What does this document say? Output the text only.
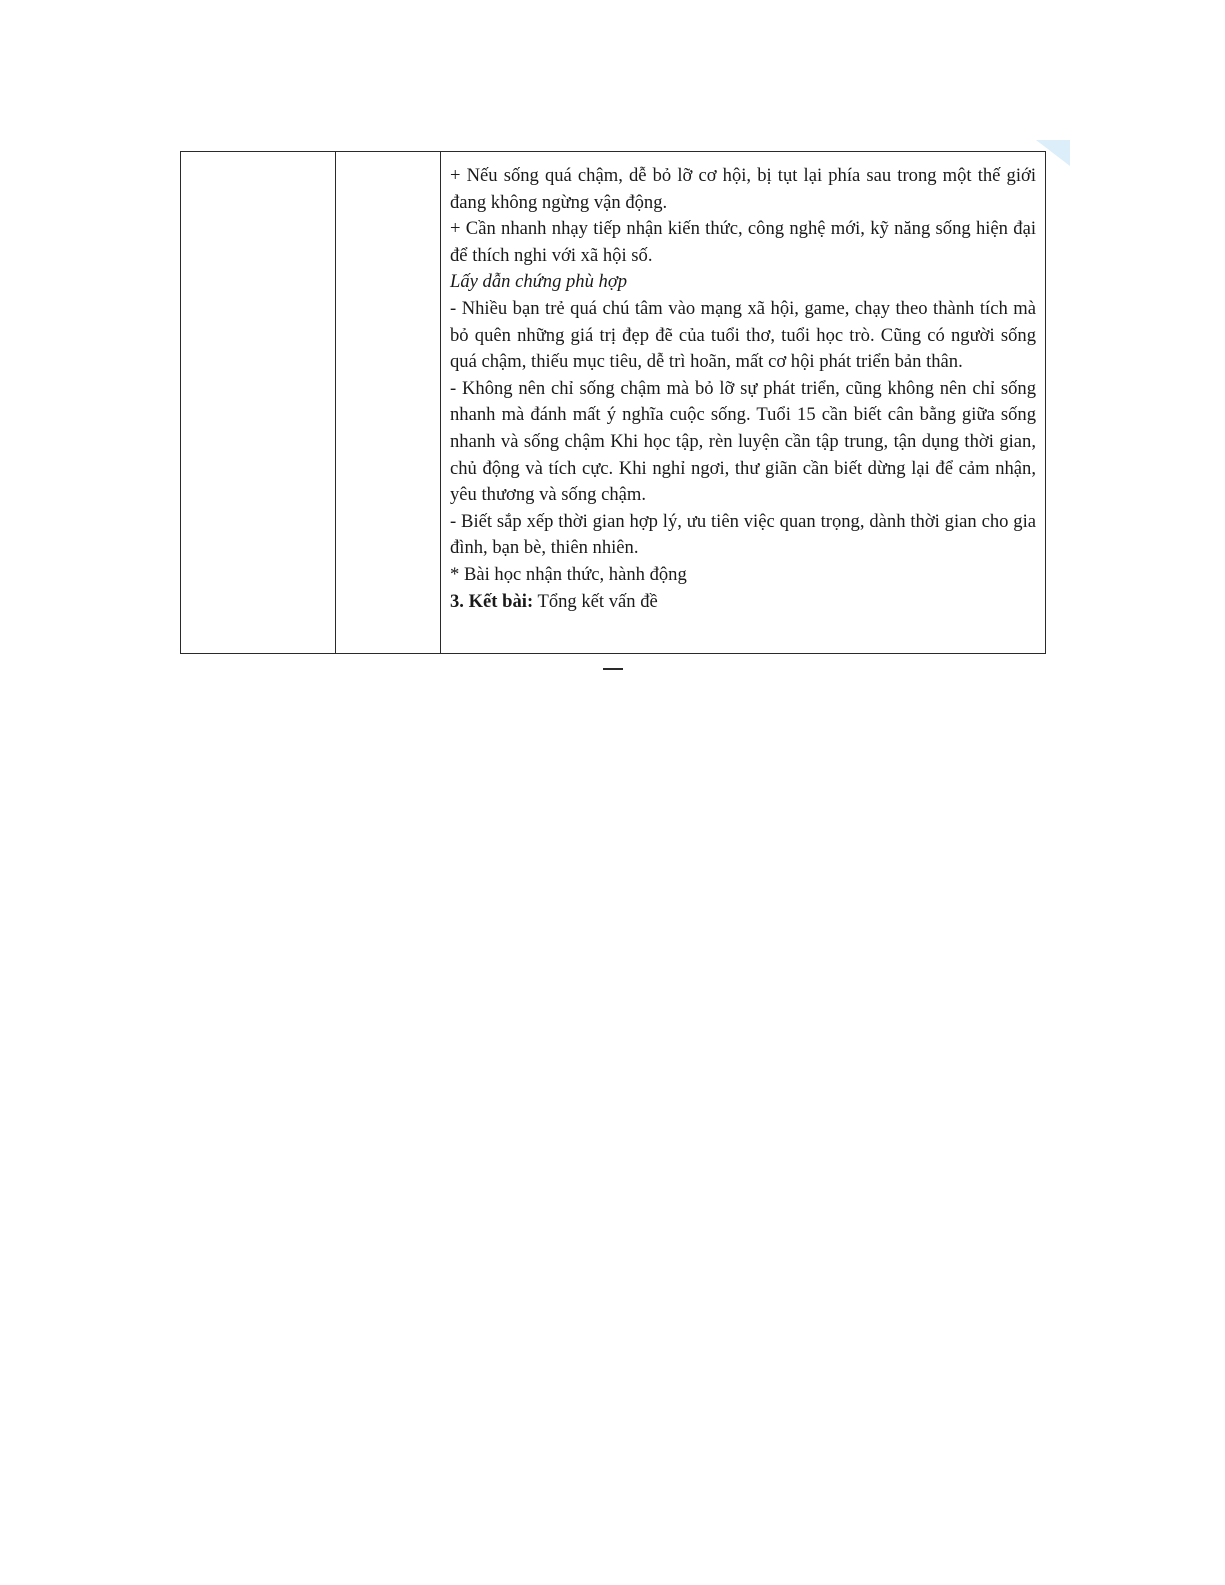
+ Nếu sống quá chậm, dễ bỏ lỡ cơ hội, bị tụt lại phía sau trong một thế giới đang không ngừng vận động.

+ Cần nhanh nhạy tiếp nhận kiến thức, công nghệ mới, kỹ năng sống hiện đại để thích nghi với xã hội số.

Lấy dẫn chứng phù hợp

- Nhiều bạn trẻ quá chú tâm vào mạng xã hội, game, chạy theo thành tích mà bỏ quên những giá trị đẹp đẽ của tuổi thơ, tuổi học trò. Cũng có người sống quá chậm, thiếu mục tiêu, dễ trì hoãn, mất cơ hội phát triển bản thân.

- Không nên chỉ sống chậm mà bỏ lỡ sự phát triển, cũng không nên chỉ sống nhanh mà đánh mất ý nghĩa cuộc sống. Tuổi 15 cần biết cân bằng giữa sống nhanh và sống chậm Khi học tập, rèn luyện cần tập trung, tận dụng thời gian, chủ động và tích cực. Khi nghỉ ngơi, thư giãn cần biết dừng lại để cảm nhận, yêu thương và sống chậm.

- Biết sắp xếp thời gian hợp lý, ưu tiên việc quan trọng, dành thời gian cho gia đình, bạn bè, thiên nhiên.

* Bài học nhận thức, hành động

3. Kết bài: Tổng kết vấn đề
